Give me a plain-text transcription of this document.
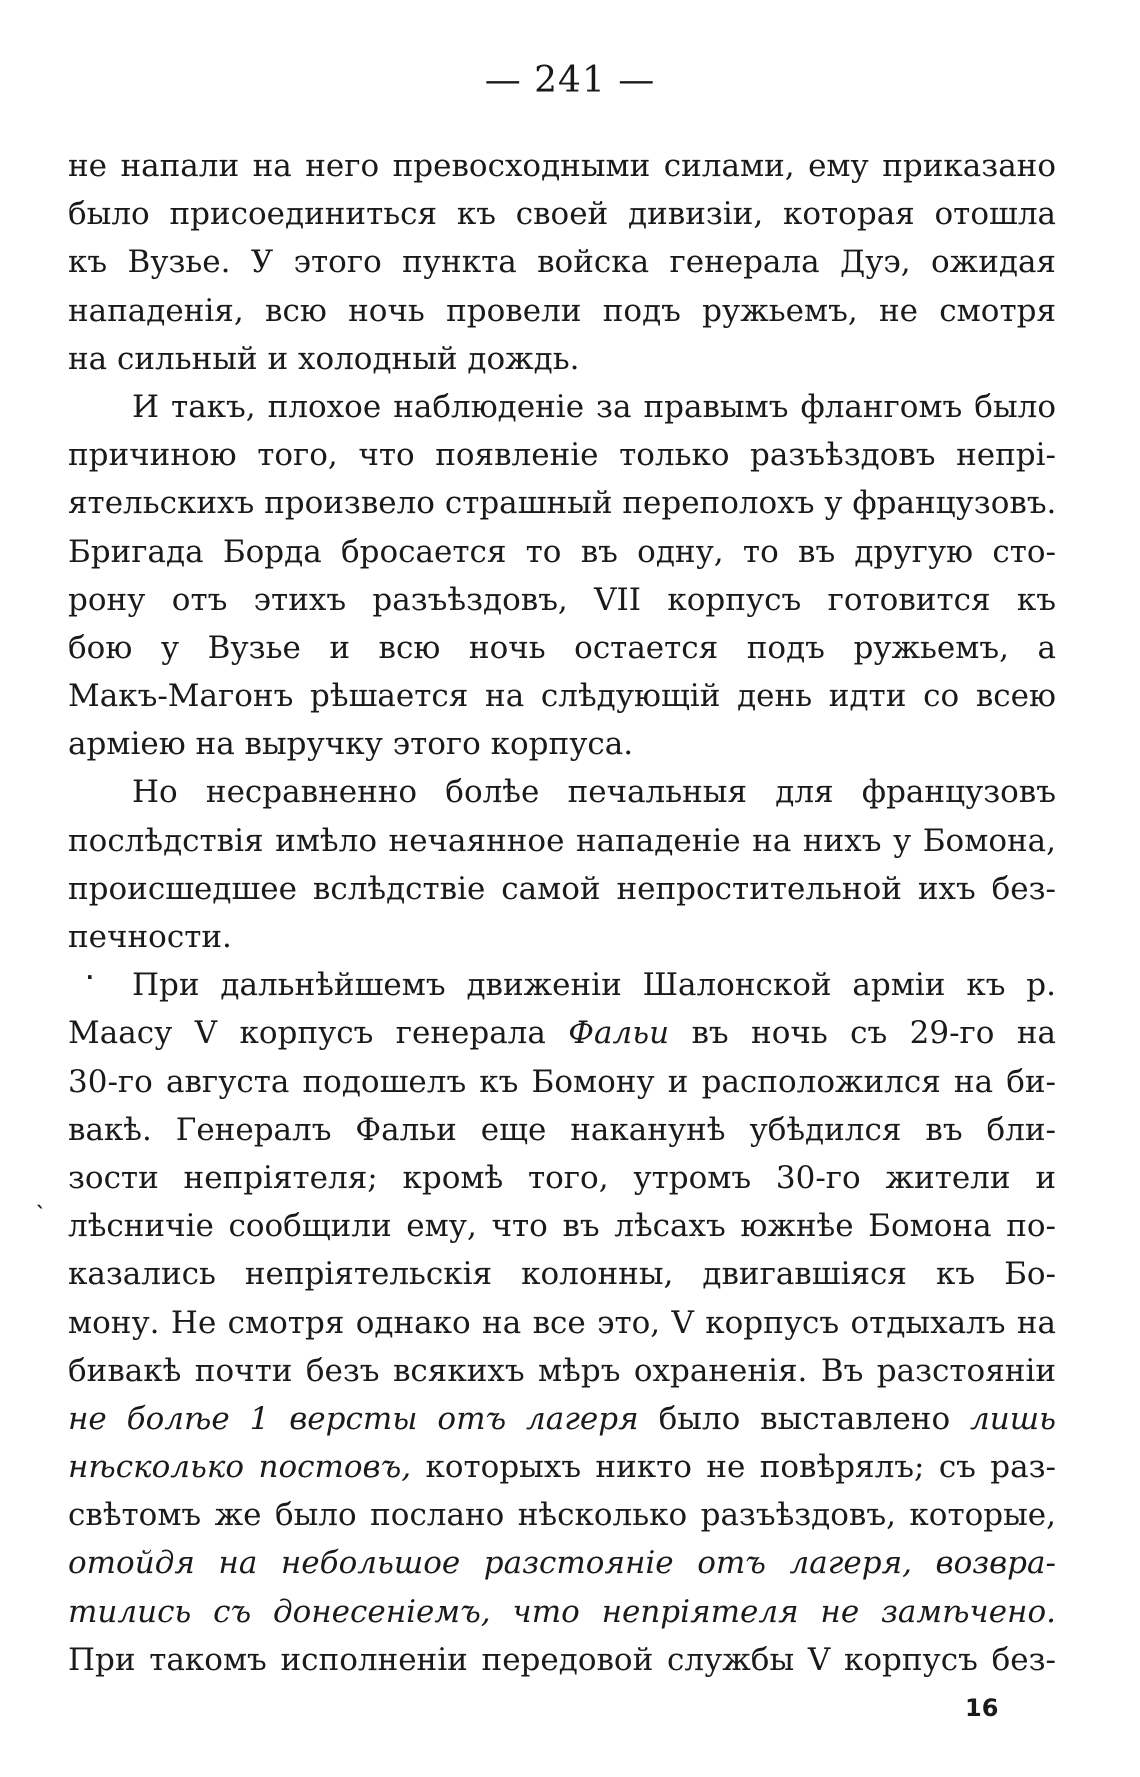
— 241 —
·
ˋ
не напали на него превосходными силами, ему приказано
было присоединиться къ своей дивизіи, которая отошла
къ Вузье. У этого пункта войска генерала Дуэ, ожидая
нападенія, всю ночь провели подъ ружьемъ, не смотря
на сильный и холодный дождь.
И такъ, плохое наблюденіе за правымъ флангомъ было
причиною того, что появленіе только разъѣздовъ непрі-
ятельскихъ произвело страшный переполохъ у французовъ.
Бригада Борда бросается то въ одну, то въ другую сто-
рону отъ этихъ разъѣздовъ, VII корпусъ готовится къ
бою у Вузье и всю ночь остается подъ ружьемъ, а
Макъ-Магонъ рѣшается на слѣдующій день идти со всею
арміею на выручку этого корпуса.
Но несравненно болѣе печальныя для французовъ
послѣдствія имѣло нечаянное нападеніе на нихъ у Бомона,
происшедшее вслѣдствіе самой непростительной ихъ без-
печности.
При дальнѣйшемъ движеніи Шалонской арміи къ р.
Маасу V корпусъ генерала Фальи въ ночь съ 29-го на
30-го августа подошелъ къ Бомону и расположился на би-
вакѣ. Генералъ Фальи еще наканунѣ убѣдился въ бли-
зости непріятеля; кромѣ того, утромъ 30-го жители и
лѣсничіе сообщили ему, что въ лѣсахъ южнѣе Бомона по-
казались непріятельскія колонны, двигавшіяся къ Бо-
мону. Не смотря однако на все это, V корпусъ отдыхалъ на
бивакѣ почти безъ всякихъ мѣръ охраненія. Въ разстояніи
не болѣе 1 версты отъ лагеря было выставлено лишь
нѣсколько постовъ, которыхъ никто не повѣрялъ; съ раз-
свѣтомъ же было послано нѣсколько разъѣздовъ, которые,
отойдя на небольшое разстояніе отъ лагеря, возвра-
тились съ донесеніемъ, что непріятеля не замѣчено.
При такомъ исполненіи передовой службы V корпусъ без-
16
